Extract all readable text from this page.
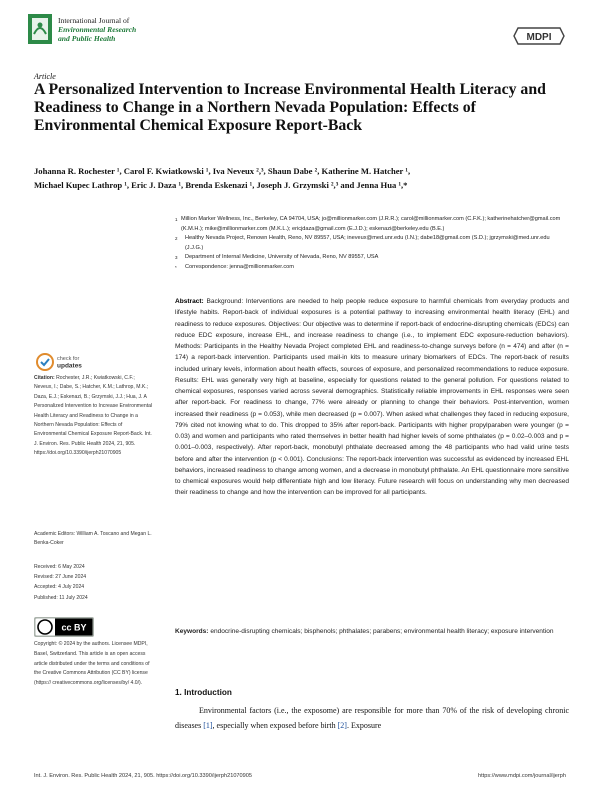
International Journal of
Environmental Research
and Public Health	MDPI
Article
A Personalized Intervention to Increase Environmental Health Literacy and Readiness to Change in a Northern Nevada Population: Effects of Environmental Chemical Exposure Report-Back
Johanna R. Rochester ¹, Carol F. Kwiatkowski ¹, Iva Neveux ²,³, Shaun Dabe ², Katherine M. Hatcher ¹,
Michael Kupec Lathrop ¹, Eric J. Daza ¹, Brenda Eskenazi ¹, Joseph J. Grzymski ²,³ and Jenna Hua ¹,*
1 Million Marker Wellness, Inc., Berkeley, CA 94704, USA; jo@millionmarker.com (J.R.R.); carol@millionmarker.com (C.F.K.); katherinehatcher@gmail.com (K.M.H.); mike@millionmarker.com (M.K.L.); ericjdaza@gmail.com (E.J.D.); eskenazi@berkeley.edu (B.E.)
2	Healthy Nevada Project, Renown Health, Reno, NV 89557, USA; ineveux@med.unr.edu (I.N.); dabe18@gmail.com (S.D.); jgrzymski@med.unr.edu (J.J.G.)
3	Department of Internal Medicine, University of Nevada, Reno, NV 89557, USA
*	Correspondence: jenna@millionmarker.com
Abstract: Background: Interventions are needed to help people reduce exposure to harmful chemicals from everyday products and lifestyle habits. Report-back of individual exposures is a potential pathway to increasing environmental health literacy (EHL) and readiness to reduce exposures. Objectives: Our objective was to determine if report-back of endocrine-disrupting chemicals (EDCs) can reduce EDC exposure, increase EHL, and increase readiness to change (i.e., to implement EDC exposure-reduction behaviors). Methods: Participants in the Healthy Nevada Project completed EHL and readiness-to-change surveys before (n = 474) and after (n = 174) a report-back intervention. Participants used mail-in kits to measure urinary biomarkers of EDCs. The report-back of results included urinary levels, information about health effects, sources of exposure, and personalized recommendations to reduce exposure. Results: EHL was generally very high at baseline, especially for questions related to the general pollution. For questions related to chemical exposures, responses varied across several demographics. Statistically reliable improvements in EHL responses were seen after report-back. For readiness to change, 77% were already or planning to change their behaviors. Post-intervention, women increased their readiness (p = 0.053), while men decreased (p = 0.007). When asked what challenges they faced in reducing exposure, 79% cited not knowing what to do. This dropped to 35% after report-back. Participants with higher propylparaben were younger (p = 0.03) and women and participants who rated themselves in better health had higher levels of some phthalates (p = 0.02–0.003 and p = 0.001–0.003, respectively). After report-back, monobutyl phthalate decreased among the 48 participants who had valid urine tests before and after the intervention (p < 0.001). Conclusions: The report-back intervention was successful as evidenced by increased EHL behaviors, increased readiness to change among women, and a decrease in monobutyl phthalate. An EHL questionnaire more sensitive to chemical exposures would help differentiate high and low literacy. Future research will focus on understanding why men decreased their readiness to change and how the intervention can be improved for all participants.
Keywords: endocrine-disrupting chemicals; bisphenols; phthalates; parabens; environmental health literacy; exposure intervention
check for
updates
Citation: Rochester, J.R.; Kwiatkowski, C.F.; Neveux, I.; Dabe, S.; Hatcher, K.M.; Lathrop, M.K.; Daza, E.J.; Eskenazi, B.; Grzymski, J.J.; Hua, J. A Personalized Intervention to Increase Environmental Health Literacy and Readiness to Change in a Northern Nevada Population: Effects of Environmental Chemical Exposure Report-Back. Int. J. Environ. Res. Public Health 2024, 21, 905. https://doi.org/10.3390/ijerph21070905
Academic Editors: William A. Toscano and Megan L. Benka-Coker
Received: 6 May 2024
Revised: 27 June 2024
Accepted: 4 July 2024
Published: 11 July 2024
cc BY
Copyright: © 2024 by the authors. Licensee MDPI, Basel, Switzerland. This article is an open access article distributed under the terms and conditions of the Creative Commons Attribution (CC BY) license (https:// creativecommons.org/licenses/by/ 4.0/).
1. Introduction
Environmental factors (i.e., the exposome) are responsible for more than 70% of the risk of developing chronic diseases [1], especially when exposed before birth [2]. Exposure
Int. J. Environ. Res. Public Health 2024, 21, 905. https://doi.org/10.3390/ijerph21070905	https://www.mdpi.com/journal/ijerph
